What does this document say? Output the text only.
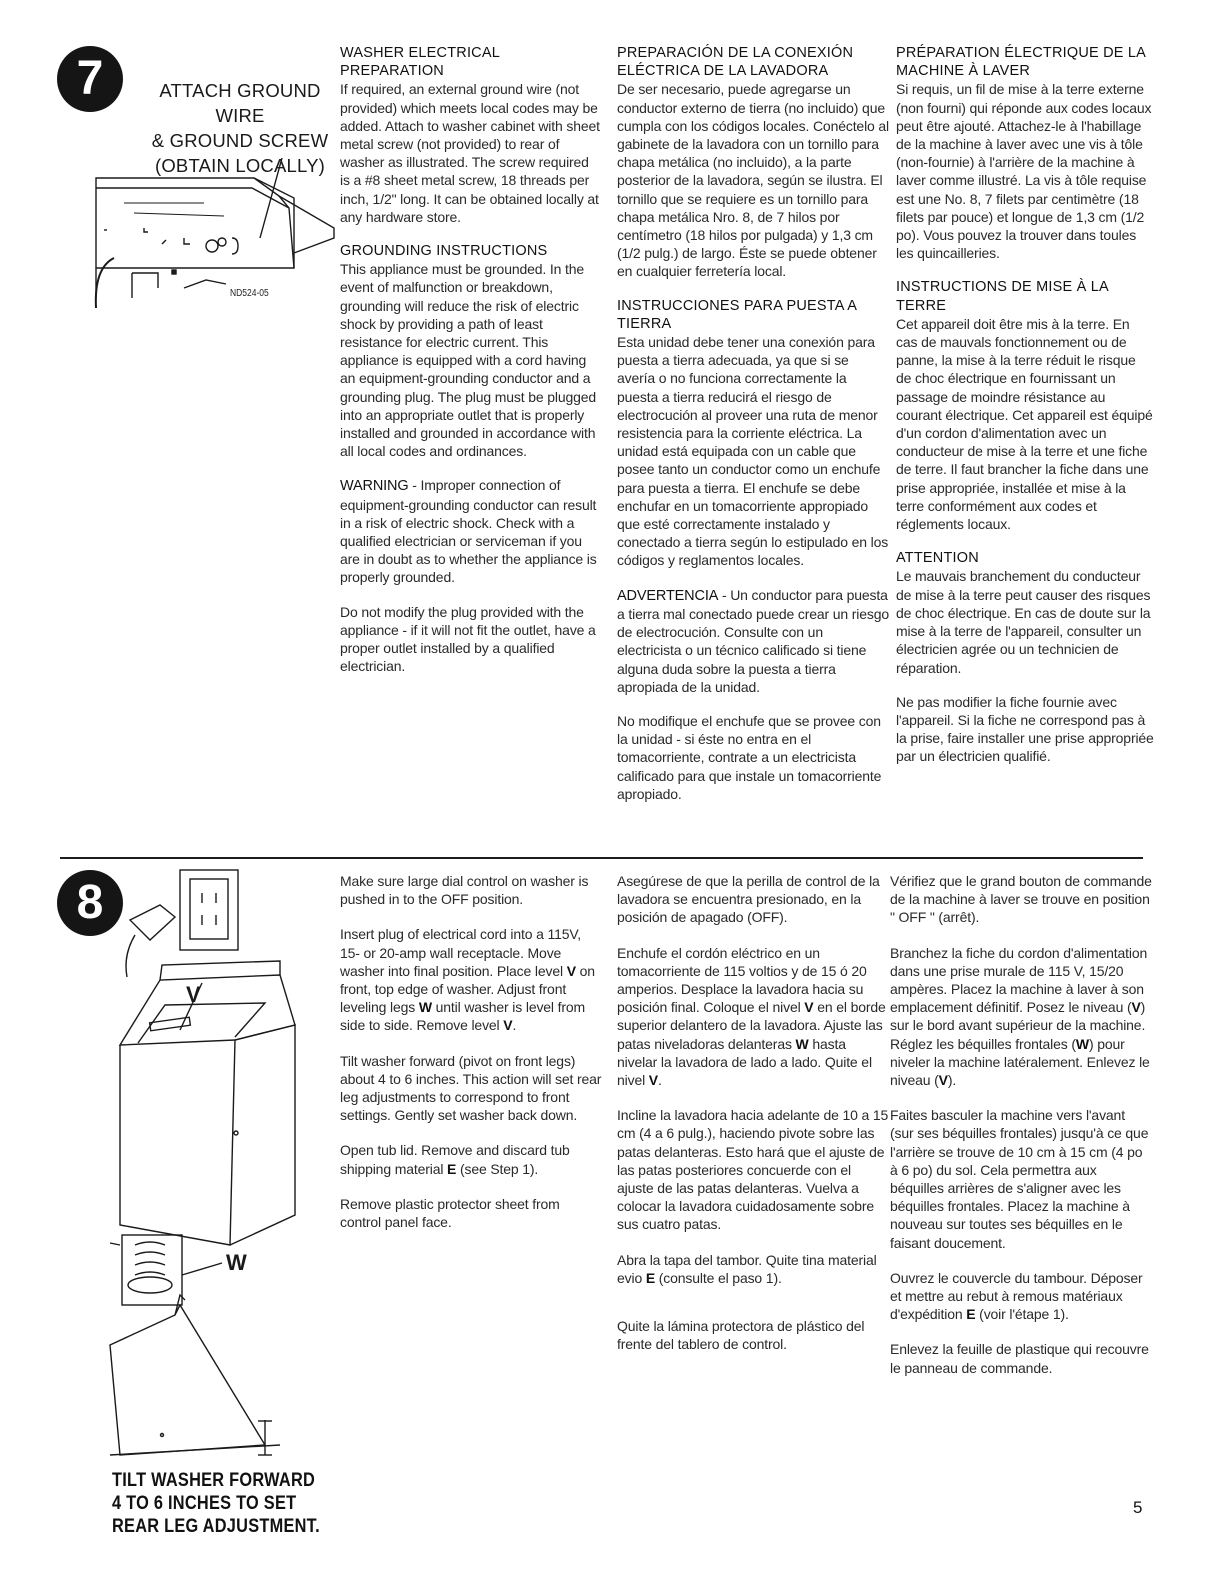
7	ATTACH GROUND WIRE
& GROUND SCREW
(OBTAIN LOCALLY)
ND524-05
WASHER ELECTRICAL PREPARATION
If required, an external ground wire (not provided) which meets local codes may be added. Attach to washer cabinet with sheet metal screw (not provided) to rear of washer as illustrated. The screw required is a #8 sheet metal screw, 18 threads per inch, 1/2" long. It can be obtained locally at any hardware store.
GROUNDING INSTRUCTIONS
This appliance must be grounded. In the event of malfunction or breakdown, grounding will reduce the risk of electric shock by providing a path of least resistance for electric current. This appliance is equipped with a cord having an equipment-grounding conductor and a grounding plug. The plug must be plugged into an appropriate outlet that is properly installed and grounded in accordance with all local codes and ordinances.
WARNING - Improper connection of equipment-grounding conductor can result in a risk of electric shock. Check with a qualified electrician or serviceman if you are in doubt as to whether the appliance is properly grounded.
Do not modify the plug provided with the appliance - if it will not fit the outlet, have a proper outlet installed by a qualified electrician.
PREPARACIÓN DE LA CONEXIÓN ELÉCTRICA DE LA LAVADORA
De ser necesario, puede agregarse un conductor externo de tierra (no incluido) que cumpla con los códigos locales. Conéctelo al gabinete de la lavadora con un tornillo para chapa metálica (no incluido), a la parte posterior de la lavadora, según se ilustra. El tornillo que se requiere es un tornillo para chapa metálica Nro. 8, de 7 hilos por centímetro (18 hilos por pulgada) y 1,3 cm (1/2 pulg.) de largo. Éste se puede obtener en cualquier ferretería local.
INSTRUCCIONES PARA PUESTA A TIERRA
Esta unidad debe tener una conexión para puesta a tierra adecuada, ya que si se avería o no funciona correctamente la puesta a tierra reducirá el riesgo de electrocución al proveer una ruta de menor resistencia para la corriente eléctrica. La unidad está equipada con un cable que posee tanto un conductor como un enchufe para puesta a tierra. El enchufe se debe enchufar en un tomacorriente appropiado que esté correctamente instalado y conectado a tierra según lo estipulado en los códigos y reglamentos locales.
ADVERTENCIA - Un conductor para puesta a tierra mal conectado puede crear un riesgo de electrocución. Consulte con un electricista o un técnico calificado si tiene alguna duda sobre la puesta a tierra apropiada de la unidad.
No modifique el enchufe que se provee con la unidad - si éste no entra en el tomacorriente, contrate a un electricista calificado para que instale un tomacorriente apropiado.
PRÉPARATION ÉLECTRIQUE DE LA MACHINE À LAVER
Si requis, un fil de mise à la terre externe (non fourni) qui réponde aux codes locaux peut être ajouté. Attachez-le à l'habillage de la machine à laver avec une vis à tôle (non-fournie) à l'arrière de la machine à laver comme illustré. La vis à tôle requise est une No. 8, 7 filets par centimètre (18 filets par pouce) et longue de 1,3 cm (1/2 po). Vous pouvez la trouver dans toules les quincailleries.
INSTRUCTIONS DE MISE À LA TERRE
Cet appareil doit être mis à la terre. En cas de mauvals fonctionnement ou de panne, la mise à la terre réduit le risque de choc électrique en fournissant un passage de moindre résistance au courant électrique. Cet appareil est équipé d'un cordon d'alimentation avec un conducteur de mise à la terre et une fiche de terre. Il faut brancher la fiche dans une prise appropriée, installée et mise à la terre conformément aux codes et réglements locaux.
ATTENTION
Le mauvais branchement du conducteur de mise à la terre peut causer des risques de choc électrique. En cas de doute sur la mise à la terre de l'appareil, consulter un électricien agrée ou un technicien de réparation.
Ne pas modifier la fiche fournie avec l'appareil. Si la fiche ne correspond pas à la prise, faire installer une prise appropriée par un électricien qualifié.
8
V
W
TILT WASHER FORWARD
4 TO 6 INCHES TO SET
REAR LEG ADJUSTMENT.

Make sure large dial control on washer is pushed in to the OFF position.

Insert plug of electrical cord into a 115V, 15- or 20-amp wall receptacle. Move washer into final position. Place level V on front, top edge of washer. Adjust front leveling legs W until washer is level from side to side. Remove level V.

Tilt washer forward (pivot on front legs) about 4 to 6 inches. This action will set rear leg adjustments to correspond to front settings. Gently set washer back down.

Open tub lid. Remove and discard tub shipping material E (see Step 1).

Remove plastic protector sheet from control panel face.

Asegúrese de que la perilla de control de la lavadora se encuentra presionado, en la posición de apagado (OFF).

Enchufe el cordón eléctrico en un tomacorriente de 115 voltios y de 15 ó 20 amperios. Desplace la lavadora hacia su posición final. Coloque el nivel V en el borde superior delantero de la lavadora. Ajuste las patas niveladoras delanteras W hasta nivelar la lavadora de lado a lado. Quite el nivel V.

Incline la lavadora hacia adelante de 10 a 15 cm (4 a 6 pulg.), haciendo pivote sobre las patas delanteras. Esto hará que el ajuste de las patas posteriores concuerde con el ajuste de las patas delanteras. Vuelva a colocar la lavadora cuidadosamente sobre sus cuatro patas.

Abra la tapa del tambor. Quite tina material evio E (consulte el paso 1).

Quite la lámina protectora de plástico del frente del tablero de control.

Vérifiez que le grand bouton de commande de la machine à laver se trouve en position " OFF " (arrêt).

Branchez la fiche du cordon d'alimentation dans une prise murale de 115 V, 15/20 ampères. Placez la machine à laver à son emplacement définitif. Posez le niveau (V) sur le bord avant supérieur de la machine. Réglez les béquilles frontales (W) pour niveler la machine latéralement. Enlevez le niveau (V).

Faites basculer la machine vers l'avant (sur ses béquilles frontales) jusqu'à ce que l'arrière se trouve de 10 cm à 15 cm (4 po à 6 po) du sol. Cela permettra aux béquilles arrières de s'aligner avec les béquilles frontales. Placez la machine à nouveau sur toutes ses béquilles en le faisant doucement.

Ouvrez le couvercle du tambour. Déposer et mettre au rebut à remous matériaux d'expédition E (voir l'étape 1).

Enlevez la feuille de plastique qui recouvre le panneau de commande.

5
